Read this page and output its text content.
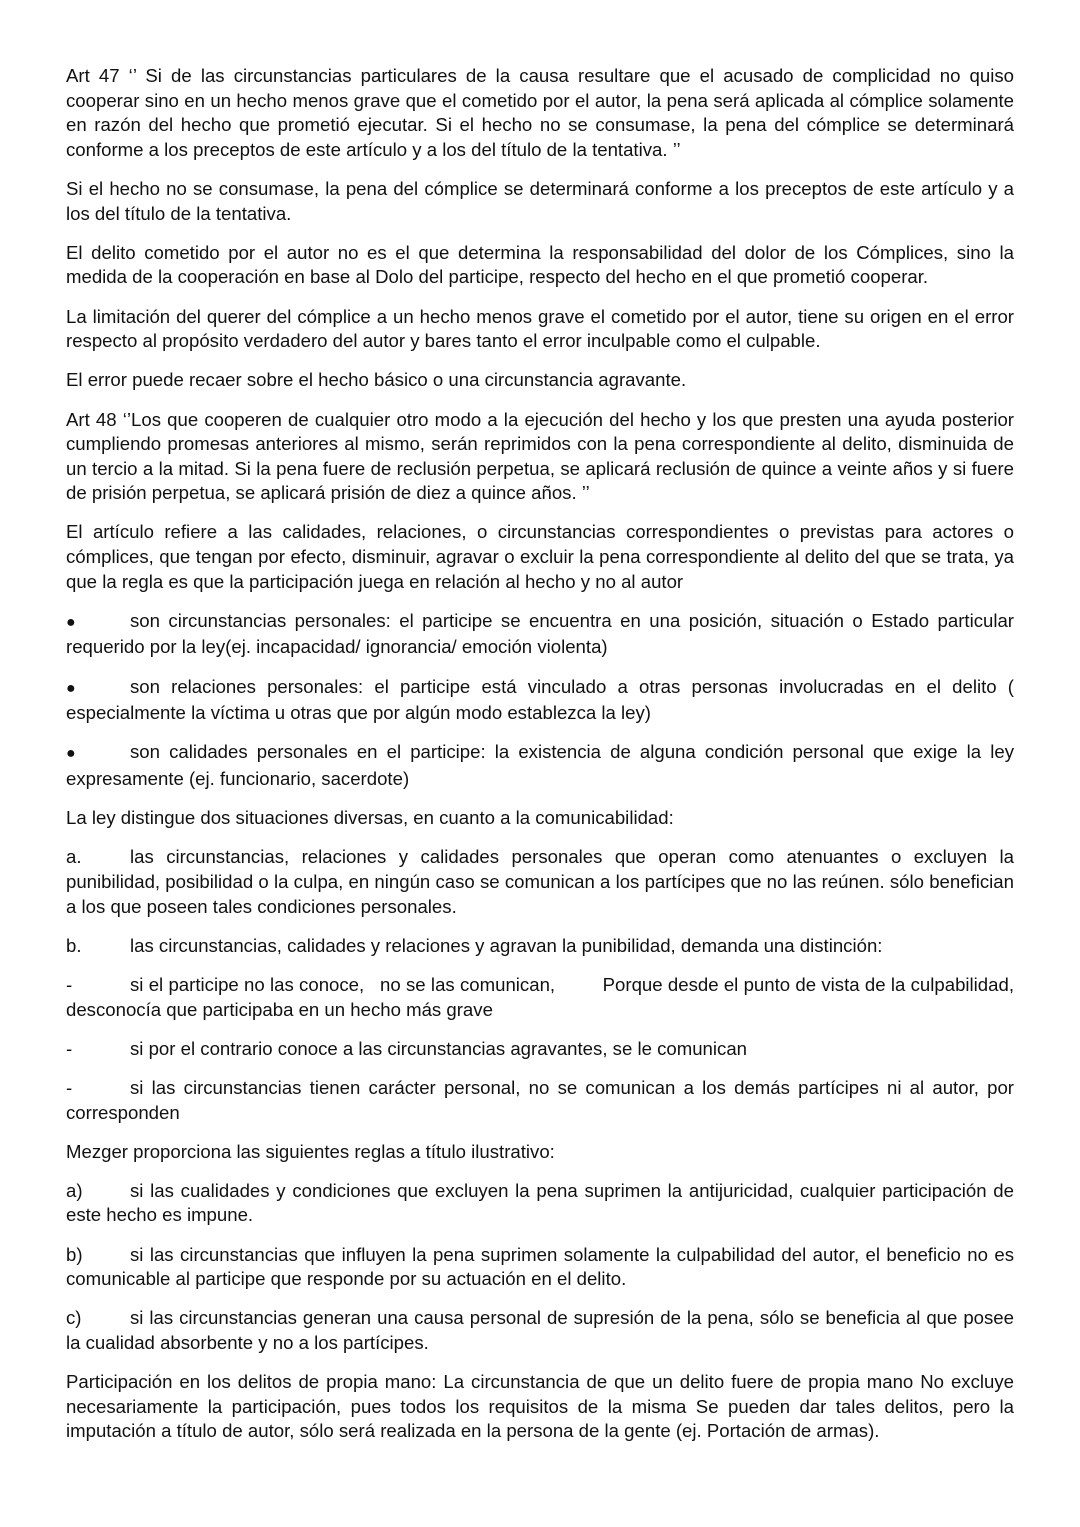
Art 47 ‘’ Si de las circunstancias particulares de la causa resultare que el acusado de complicidad no quiso cooperar sino en un hecho menos grave que el cometido por el autor, la pena será aplicada al cómplice solamente en razón del hecho que prometió ejecutar. Si el hecho no se consumase, la pena del cómplice se determinará conforme a los preceptos de este artículo y a los del título de la tentativa. ’’

Si el hecho no se consumase, la pena del cómplice se determinará conforme a los preceptos de este artículo y a los del título de la tentativa.

El delito cometido por el autor no es el que determina la responsabilidad del dolor de los Cómplices, sino la medida de la cooperación en base al Dolo del participe, respecto del hecho en el que prometió cooperar.

La limitación del querer del cómplice a un hecho menos grave el cometido por el autor, tiene su origen en el error respecto al propósito verdadero del autor y bares tanto el error inculpable como el culpable.

El error puede recaer sobre el hecho básico o una circunstancia agravante.

Art 48 ‘’Los que cooperen de cualquier otro modo a la ejecución del hecho y los que presten una ayuda posterior cumpliendo promesas anteriores al mismo, serán reprimidos con la pena correspondiente al delito, disminuida de un tercio a la mitad. Si la pena fuere de reclusión perpetua, se aplicará reclusión de quince a veinte años y si fuere de prisión perpetua, se aplicará prisión de diez a quince años. ’’

El artículo refiere a las calidades, relaciones, o circunstancias correspondientes o previstas para actores o cómplices, que tengan por efecto, disminuir, agravar o excluir la pena correspondiente al delito del que se trata, ya que la regla es que la participación juega en relación al hecho y no al autor

●	son circunstancias personales: el participe se encuentra en una posición, situación o Estado particular requerido por la ley(ej. incapacidad/ ignorancia/ emoción violenta)

●	son relaciones personales: el participe está vinculado a otras personas involucradas en el delito ( especialmente la víctima u otras que por algún modo establezca la ley)

●	son calidades personales en el participe: la existencia de alguna condición personal que exige la ley expresamente (ej. funcionario, sacerdote)

La ley distingue dos situaciones diversas, en cuanto a la comunicabilidad:

a.	las circunstancias, relaciones y calidades personales que operan como atenuantes o excluyen la punibilidad, posibilidad o la culpa, en ningún caso se comunican a los partícipes que no las reúnen. sólo benefician a los que poseen tales condiciones personales.

b.	las circunstancias, calidades y relaciones y agravan la punibilidad, demanda una distinción:

-	si el participe no las conoce,   no se las comunican,         Porque desde el punto de vista de la culpabilidad, desconocía que participaba en un hecho más grave

-	si por el contrario conoce a las circunstancias agravantes, se le comunican

-	si las circunstancias tienen carácter personal, no se comunican a los demás partícipes ni al autor, por corresponden

Mezger proporciona las siguientes reglas a título ilustrativo:

a)	si las cualidades y condiciones que excluyen la pena suprimen la antijuricidad, cualquier participación de este hecho es impune.

b)	si las circunstancias que influyen la pena suprimen solamente la culpabilidad del autor, el beneficio no es comunicable al participe que responde por su actuación en el delito.

c)	si las circunstancias generan una causa personal de supresión de la pena, sólo se beneficia al que posee la cualidad absorbente y no a los partícipes.

Participación en los delitos de propia mano: La circunstancia de que un delito fuere de propia mano No excluye necesariamente la participación, pues todos los requisitos de la misma Se pueden dar tales delitos, pero la imputación a título de autor, sólo será realizada en la persona de la gente (ej. Portación de armas).
